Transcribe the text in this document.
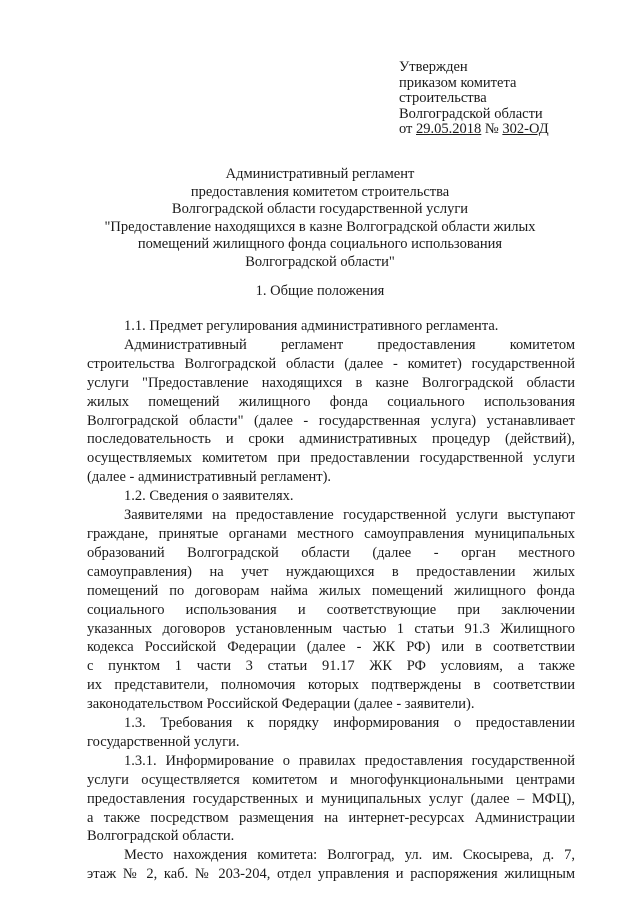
Утвержден
приказом комитета
строительства
Волгоградской области
от 29.05.2018 № 302-ОД
Административный регламент
предоставления комитетом строительства
Волгоградской области государственной услуги
"Предоставление находящихся в казне Волгоградской области жилых
помещений жилищного фонда социального использования
Волгоградской области"
1. Общие положения

1.1. Предмет регулирования административного регламента.

Административный регламент предоставления комитетом

строительства Волгоградской области (далее - комитет) государственной

услуги "Предоставление находящихся в казне Волгоградской области

жилых помещений жилищного фонда социального использования

Волгоградской области" (далее - государственная услуга) устанавливает

последовательность и сроки административных процедур (действий),

осуществляемых комитетом при предоставлении государственной услуги

(далее - административный регламент).

1.2. Сведения о заявителях.

Заявителями на предоставление государственной услуги выступают

граждане, принятые органами местного самоуправления муниципальных

образований Волгоградской области (далее - орган местного

самоуправления) на учет нуждающихся в предоставлении жилых

помещений по договорам найма жилых помещений жилищного фонда

социального использования и соответствующие при заключении

указанных договоров установленным частью 1 статьи 91.3 Жилищного

кодекса Российской Федерации (далее - ЖК РФ) или в соответствии

с пунктом 1 части 3 статьи 91.17 ЖК РФ условиям, а также

их представители, полномочия которых подтверждены в соответствии

законодательством Российской Федерации (далее - заявители).

1.3. Требования к порядку информирования о предоставлении

государственной услуги.

1.3.1. Информирование о правилах предоставления государственной

услуги осуществляется комитетом и многофункциональными центрами

предоставления государственных и муниципальных услуг (далее – МФЦ),

а также посредством размещения на интернет-ресурсах Администрации

Волгоградской области.

Место нахождения комитета: Волгоград, ул. им. Скосырева, д. 7,

этаж № 2, каб. № 203-204, отдел управления и распоряжения жилищным
